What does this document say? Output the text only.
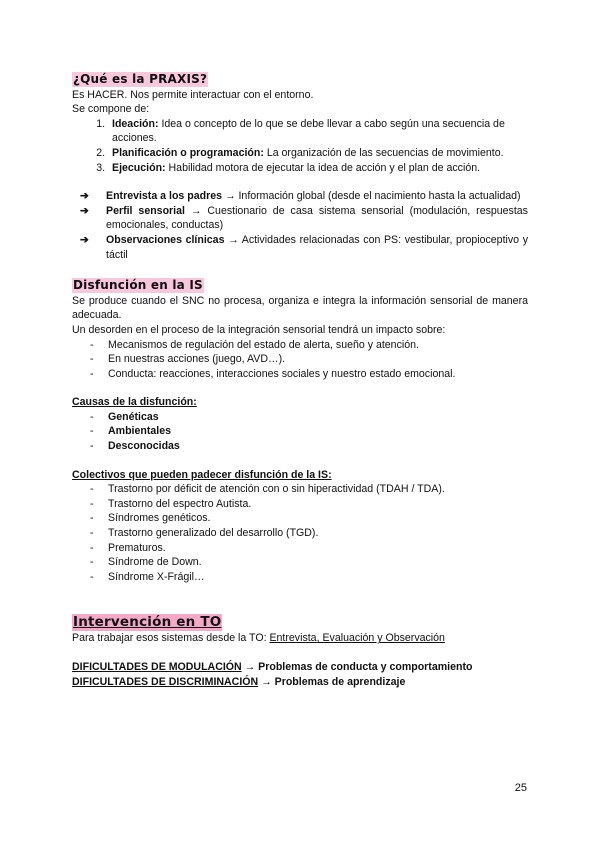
¿Qué es la PRAXIS?

Es HACER. Nos permite interactuar con el entorno.

Se compone de:

1. Ideación: Idea o concepto de lo que se debe llevar a cabo según una secuencia de acciones.
2. Planificación o programación: La organización de las secuencias de movimiento.
3. Ejecución: Habilidad motora de ejecutar la idea de acción y el plan de acción.
➔ Entrevista a los padres → Información global (desde el nacimiento hasta la actualidad)
➔ Perfil sensorial → Cuestionario de casa sistema sensorial (modulación, respuestas emocionales, conductas)
➔ Observaciones clínicas → Actividades relacionadas con PS: vestibular, propioceptivo y táctil
Disfunción en la IS

Se produce cuando el SNC no procesa, organiza e integra la información sensorial de manera adecuada.

Un desorden en el proceso de la integración sensorial tendrá un impacto sobre:

- Mecanismos de regulación del estado de alerta, sueño y atención.
- En nuestras acciones (juego, AVD…).
- Conducta: reacciones, interacciones sociales y nuestro estado emocional.

Causas de la disfunción:

- Genéticas
- Ambientales
- Desconocidas

Colectivos que pueden padecer disfunción de la IS:

- Trastorno por déficit de atención con o sin hiperactividad (TDAH / TDA).
- Trastorno del espectro Autista.
- Síndromes genéticos.
- Trastorno generalizado del desarrollo (TGD).
- Prematuros.
- Síndrome de Down.
- Síndrome X-Frágil…
Intervención en TO

Para trabajar esos sistemas desde la TO: Entrevista, Evaluación y Observación

DIFICULTADES DE MODULACIÓN → Problemas de conducta y comportamiento

DIFICULTADES DE DISCRIMINACIÓN → Problemas de aprendizaje

25
